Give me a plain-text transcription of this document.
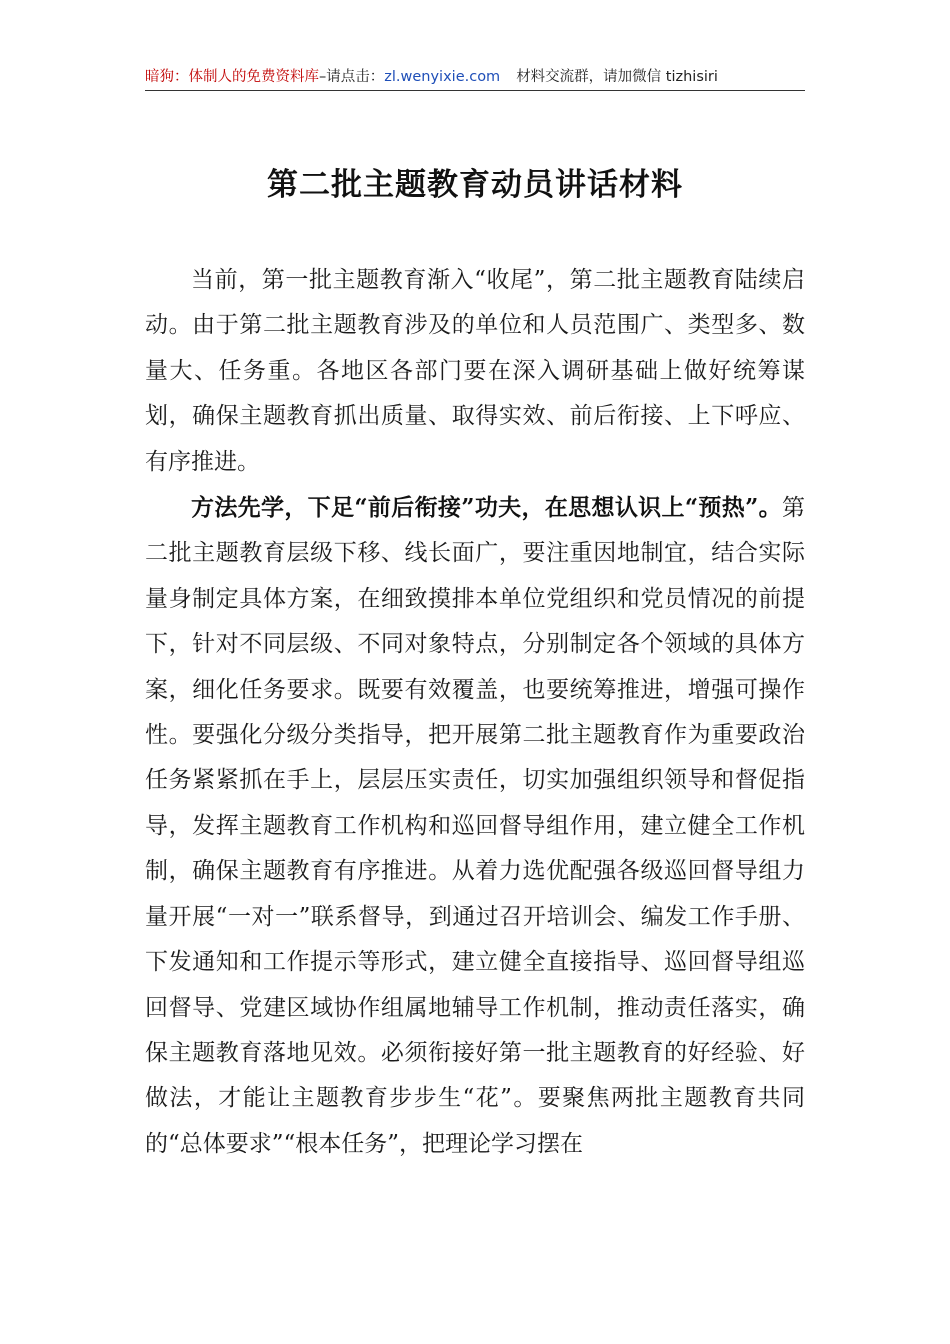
暗狗：体制人的免费资料库–请点击：zl.wenyixie.com 材料交流群，请加微信 tizhisiri
第二批主题教育动员讲话材料

当前，第一批主题教育渐入“收尾”，第二批主题教育陆续启动。由于第二批主题教育涉及的单位和人员范围广、类型多、数量大、任务重。各地区各部门要在深入调研基础上做好统筹谋划，确保主题教育抓出质量、取得实效、前后衔接、上下呼应、有序推进。

方法先学，下足“前后衔接”功夫，在思想认识上“预热”。第二批主题教育层级下移、线长面广，要注重因地制宜，结合实际量身制定具体方案，在细致摸排本单位党组织和党员情况的前提下，针对不同层级、不同对象特点，分别制定各个领域的具体方案，细化任务要求。既要有效覆盖，也要统筹推进，增强可操作性。要强化分级分类指导，把开展第二批主题教育作为重要政治任务紧紧抓在手上，层层压实责任，切实加强组织领导和督促指导，发挥主题教育工作机构和巡回督导组作用，建立健全工作机制，确保主题教育有序推进。从着力选优配强各级巡回督导组力量开展“一对一”联系督导，到通过召开培训会、编发工作手册、下发通知和工作提示等形式，建立健全直接指导、巡回督导组巡回督导、党建区域协作组属地辅导工作机制，推动责任落实，确保主题教育落地见效。必须衔接好第一批主题教育的好经验、好做法，才能让主题教育步步生“花”。要聚焦两批主题教育共同的“总体要求”“根本任务”，把理论学习摆在
